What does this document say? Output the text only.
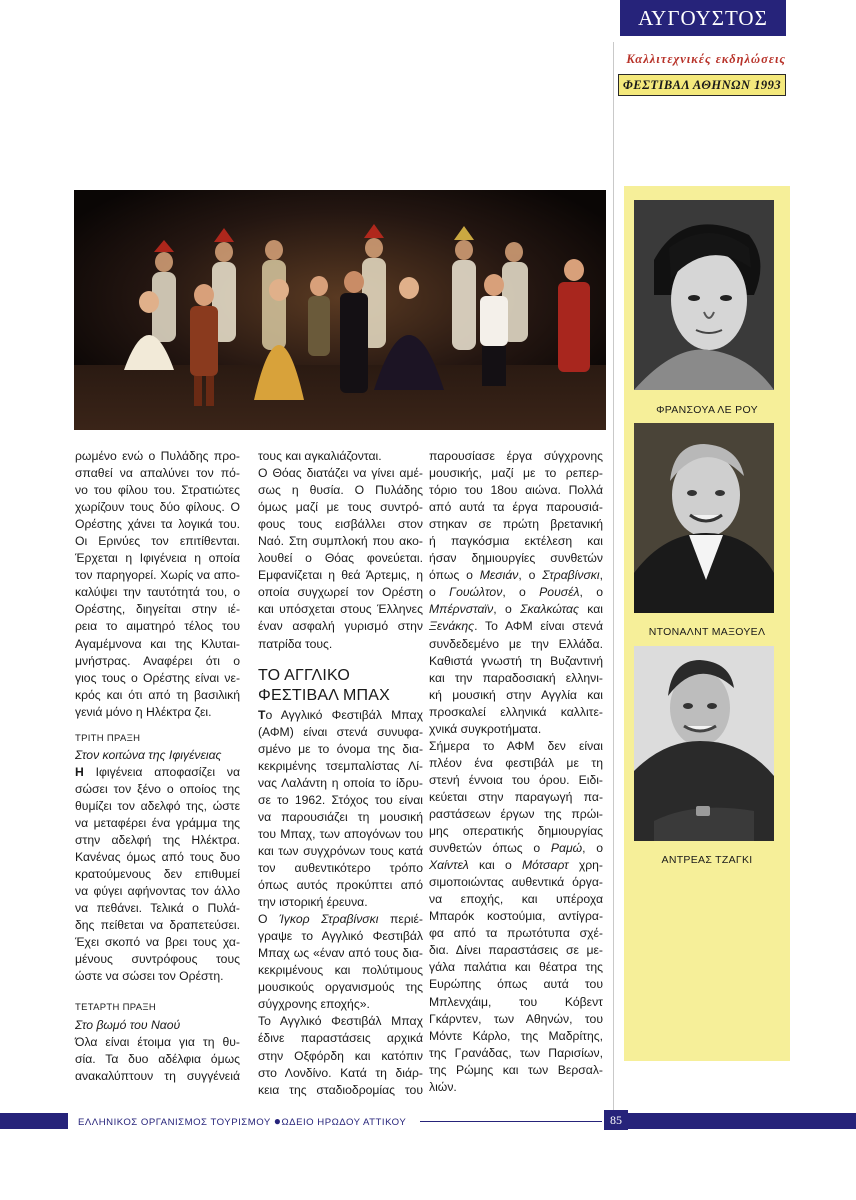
ΑΥΓΟΥΣΤΟΣ
Καλλιτεχνικές εκδηλώσεις
ΦΕΣΤΙΒΑΛ ΑΘΗΝΩΝ 1993
ρωμένο ενώ ο Πυλάδης προ-
σπαθεί να απαλύνει τον πό-
νο του φίλου του. Στρατιώτες
χωρίζουν τους δύο φίλους. Ο
Ορέστης χάνει τα λογικά του.
Οι Ερινύες τον επιτίθενται.
Έρχεται η Ιφιγένεια η οποία
τον παρηγορεί. Χωρίς να απο-
καλύψει την ταυτότητά του, ο
Ορέστης, διηγείται στην ιέ-
ρεια το αιματηρό τέλος του
Αγαμέμνονα και της Κλυται-
μνήστρας. Αναφέρει ότι ο
γιος τους ο Ορέστης είναι νε-
κρός και ότι από τη βασιλική
γενιά μόνο η Ηλέκτρα ζει.
ΤΡΙΤΗ ΠΡΑΞΗ
Στον κοιτώνα της Ιφιγένειας
Η Ιφιγένεια αποφασίζει να
σώσει τον ξένο ο οποίος της
θυμίζει τον αδελφό της, ώστε
να μεταφέρει ένα γράμμα της
στην αδελφή της Ηλέκτρα.
Κανένας όμως από τους δυο
κρατούμενους δεν επιθυμεί
να φύγει αφήνοντας τον άλλο
να πεθάνει. Τελικά ο Πυλά-
δης πείθεται να δραπετεύσει.
Έχει σκοπό να βρει τους χα-
μένους συντρόφους τους
ώστε να σώσει τον Ορέστη.
ΤΕΤΑΡΤΗ ΠΡΑΞΗ
Στο βωμό του Ναού
Όλα είναι έτοιμα για τη θυ-
σία. Τα δυο αδέλφια όμως
ανακαλύπτουν τη συγγένειά
τους και αγκαλιάζονται.
Ο Θόας διατάζει να γίνει αμέ-
σως η θυσία. Ο Πυλάδης
όμως μαζί με τους συντρό-
φους τους εισβάλλει στον
Ναό. Στη συμπλοκή που ακο-
λουθεί ο Θόας φονεύεται.
Εμφανίζεται η θεά Άρτεμις, η
οποία συγχωρεί τον Ορέστη
και υπόσχεται στους Έλληνες
έναν ασφαλή γυρισμό στην
πατρίδα τους.
ΤΟ ΑΓΓΛΙΚΟ
ΦΕΣΤΙΒΑΛ ΜΠΑΧ
Το Αγγλικό Φεστιβάλ Μπαχ
(ΑΦΜ) είναι στενά συνυφα-
σμένο με το όνομα της δια-
κεκριμένης τσεμπαλίστας Λί-
νας Λαλάντη η οποία το ίδρυ-
σε το 1962. Στόχος του είναι
να παρουσιάζει τη μουσική
του Μπαχ, των απογόνων του
και των συγχρόνων τους κατά
τον αυθεντικότερο τρόπο
όπως αυτός προκύπτει από
την ιστορική έρευνα.
Ο Ίγκορ Στραβίνσκι περιέ-
γραψε το Αγγλικό Φεστιβάλ
Μπαχ ως «έναν από τους δια-
κεκριμένους και πολύτιμους
μουσικούς οργανισμούς της
σύγχρονης εποχής».
Το Αγγλικό Φεστιβάλ Μπαχ
έδινε παραστάσεις αρχικά
στην Οξφόρδη και κατόπιν
στο Λονδίνο. Κατά τη διάρ-
κεια της σταδιοδρομίας του
παρουσίασε έργα σύγχρονης
μουσικής, μαζί με το ρεπερ-
τόριο του 18ου αιώνα. Πολλά
από αυτά τα έργα παρουσιά-
στηκαν σε πρώτη βρετανική
ή παγκόσμια εκτέλεση και
ήσαν δημιουργίες συνθετών
όπως ο Μεσιάν, ο Στραβίνσκι,
ο Γουώλτον, ο Ρουσέλ, ο
Μπέρνσταϊν, ο Σκαλκώτας και
Ξενάκης. Το ΑΦΜ είναι στενά
συνδεδεμένο με την Ελλάδα.
Καθιστά γνωστή τη Βυζαντινή
και την παραδοσιακή ελληνι-
κή μουσική στην Αγγλία και
προσκαλεί ελληνικά καλλιτε-
χνικά συγκροτήματα.
Σήμερα το ΑΦΜ δεν είναι
πλέον ένα φεστιβάλ με τη
στενή έννοια του όρου. Ειδι-
κεύεται στην παραγωγή πα-
ραστάσεων έργων της πρώι-
μης οπερατικής δημιουργίας
συνθετών όπως ο Ραμώ, ο
Χαίντελ και ο Μότσαρτ χρη-
σιμοποιώντας αυθεντικά όργα-
να εποχής, και υπέροχα
Μπαρόκ κοστούμια, αντίγρα-
φα από τα πρωτότυπα σχέ-
δια. Δίνει παραστάσεις σε με-
γάλα παλάτια και θέατρα της
Ευρώπης όπως αυτά του
Μπλενχάιμ, του Κόβεντ
Γκάρντεν, των Αθηνών, του
Μόντε Κάρλο, της Μαδρίτης,
της Γρανάδας, των Παρισίων,
της Ρώμης και των Βερσαλ-
λιών.
ΦΡΑΝΣΟΥΑ ΛΕ ΡΟΥ
ΝΤΟΝΑΛΝΤ ΜΑΞΟΥΕΛ
ΑΝΤΡΕΑΣ ΤΖΑΓΚΙ
ΕΛΛΗΝΙΚΟΣ ΟΡΓΑΝΙΣΜΟΣ ΤΟΥΡΙΣΜΟΥ ●ΩΔΕΙΟ ΗΡΩΔΟΥ ΑΤΤΙΚΟΥ	85
